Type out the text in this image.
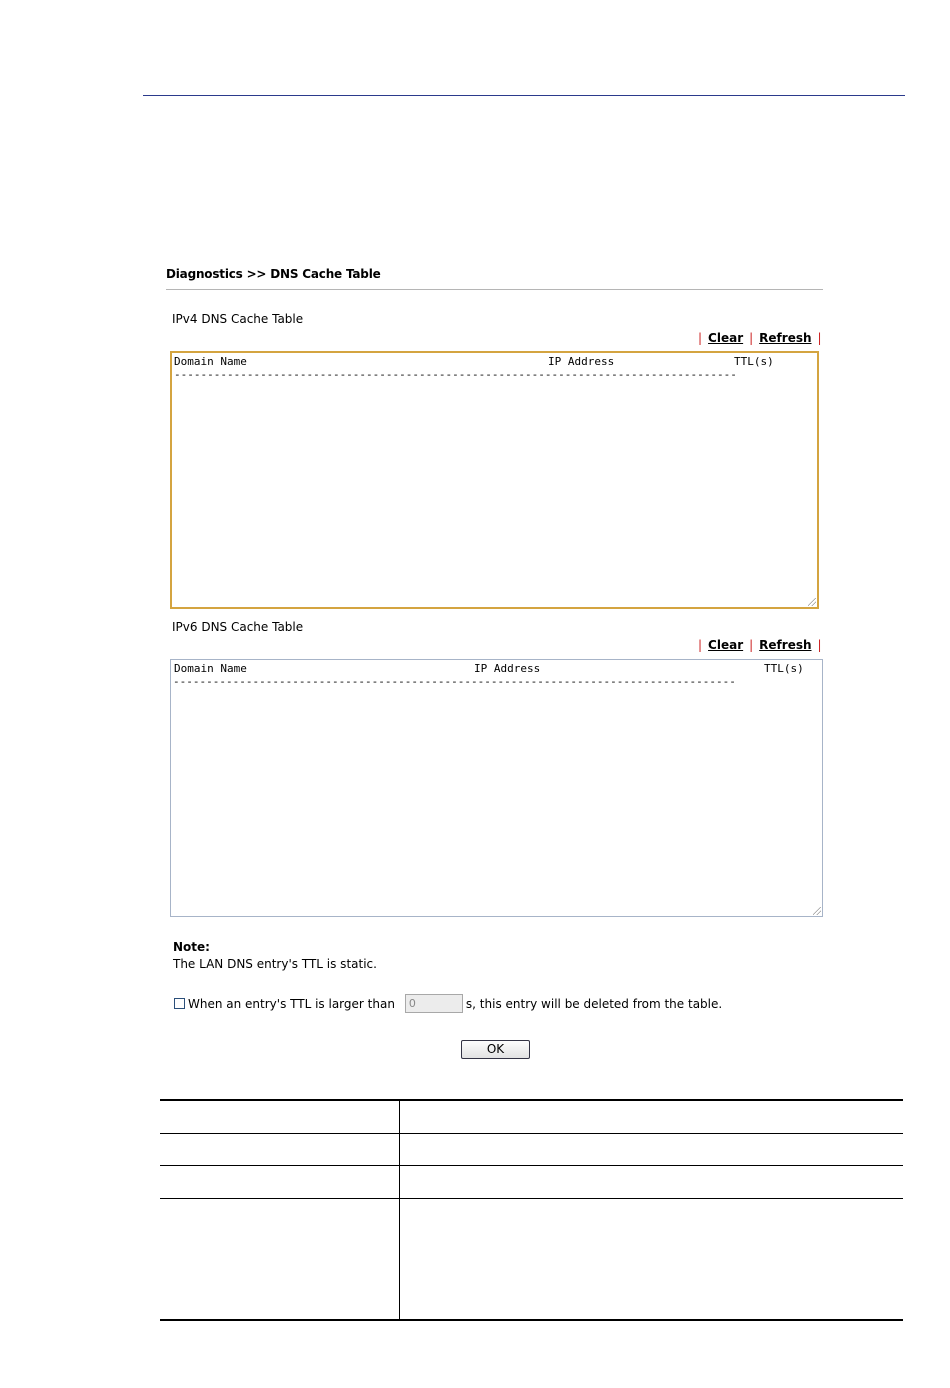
Diagnostics >> DNS Cache Table
IPv4 DNS Cache Table
| Clear | Refresh |
Domain Name	IP Address	TTL(s)
-------------------------------------------------------------------------------------
IPv6 DNS Cache Table
| Clear | Refresh |
Domain Name	IP Address	TTL(s)
-------------------------------------------------------------------------------------
Note:
The LAN DNS entry's TTL is static.
When an entry's TTL is larger than
0	s, this entry will be deleted from the table.
OK
